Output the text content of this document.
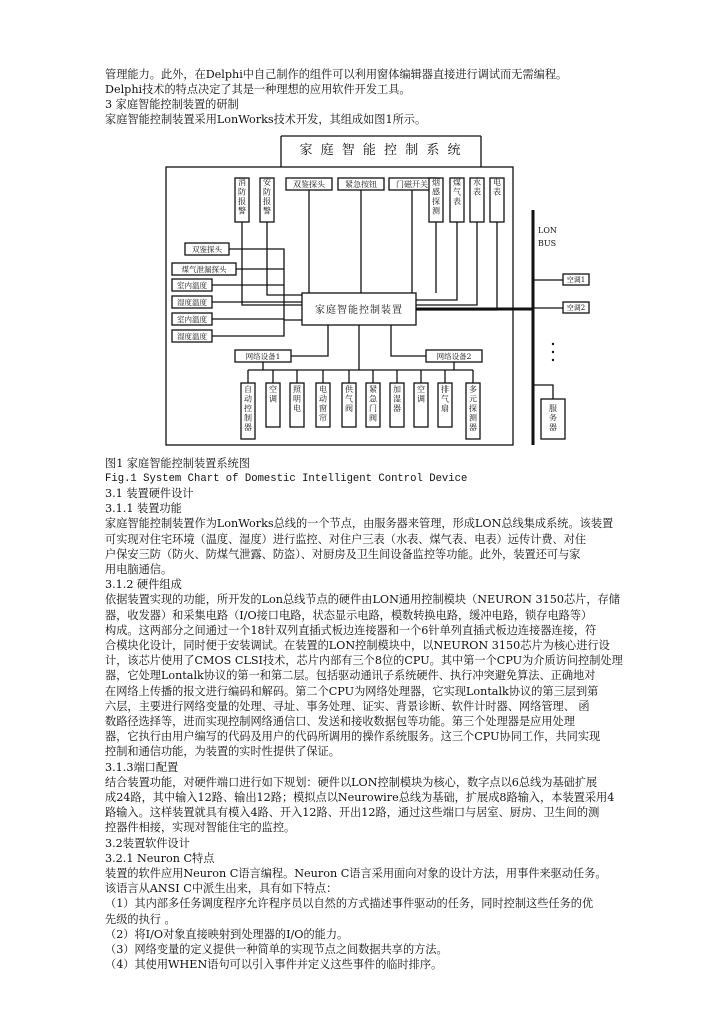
管理能力。此外，在Delphi中自己制作的组件可以利用窗体编辑器直接进行调试而无需编程。
Delphi技术的特点决定了其是一种理想的应用软件开发工具。
3 家庭智能控制装置的研制
家庭智能控制装置采用LonWorks技术开发，其组成如图1所示。
家 庭 智 能 控 制 系 统
消防报警
安防报警
双鉴探头	紧急按钮 门磁开关 烟感探测
煤气表
水表
电表
家庭智能控制装置
双鉴探头
煤气泄漏探头
室内温度
湿度温度
室内温度
湿度温度
LON
BUS
空调1
空调2
服务器
网络设备1	网络设备2
自动控制器
空调
照明电
电动窗帘
供气阀
紧急门阀
加湿器
空调
排气扇
多元探测器
图1 家庭智能控制装置系统图
Fig.1 System Chart of Domestic Intelligent Control Device
3.1 装置硬件设计
3.1.1 装置功能
家庭智能控制装置作为LonWorks总线的一个节点，由服务器来管理，形成LON总线集成系统。该装置
可实现对住宅环境（温度、湿度）进行监控、对住户三表（水表、煤气表、电表）远传计费、对住
户保安三防（防火、防煤气泄露、防盗）、对厨房及卫生间设备监控等功能。此外，装置还可与家
用电脑通信。
3.1.2 硬件组成
依据装置实现的功能，所开发的Lon总线节点的硬件由LON通用控制模块（NEURON 3150芯片，存储
器，收发器）和采集电路（I/O接口电路，状态显示电路，模数转换电路，缓冲电路，锁存电路等）
构成。这两部分之间通过一个18针双列直插式板边连接器和一个6针单列直插式板边连接器连接，符
合模块化设计，同时便于安装调试。在装置的LON控制模块中，以NEURON 3150芯片为核心进行设
计，该芯片使用了CMOS CLSI技术，芯片内部有三个8位的CPU。其中第一个CPU为介质访问控制处理
器，它处理Lontalk协议的第一和第二层。包括驱动通讯子系统硬件、执行冲突避免算法、正确地对
在网络上传播的报文进行编码和解码。第二个CPU为网络处理器，它实现Lontalk协议的第三层到第
六层，主要进行网络变量的处理、寻址、事务处理、证实、背景诊断、软件计时器、网络管理、 函
数路径选择等，进而实现控制网络通信口、发送和接收数据包等功能。第三个处理器是应用处理
器，它执行由用户编写的代码及用户的代码所调用的操作系统服务。这三个CPU协同工作，共同实现
控制和通信功能，为装置的实时性提供了保证。
3.1.3端口配置
结合装置功能，对硬件端口进行如下规划：硬件以LON控制模块为核心，数字点以6总线为基础扩展
成24路，其中输入12路、输出12路；模拟点以Neurowire总线为基础，扩展成8路输入，本装置采用4
路输入。这样装置就具有模入4路、开入12路、开出12路，通过这些端口与居室、厨房、卫生间的测
控器件相接，实现对智能住宅的监控。
3.2装置软件设计
3.2.1 Neuron C特点
装置的软件应用Neuron C语言编程。Neuron C语言采用面向对象的设计方法，用事件来驱动任务。
该语言从ANSI C中派生出来，具有如下特点：
（1）其内部多任务调度程序允许程序员以自然的方式描述事件驱动的任务，同时控制这些任务的优
先级的执行 。
（2）将I/O对象直接映射到处理器的I/O的能力。
（3）网络变量的定义提供一种简单的实现节点之间数据共享的方法。
（4）其使用WHEN语句可以引入事件并定义这些事件的临时排序。
